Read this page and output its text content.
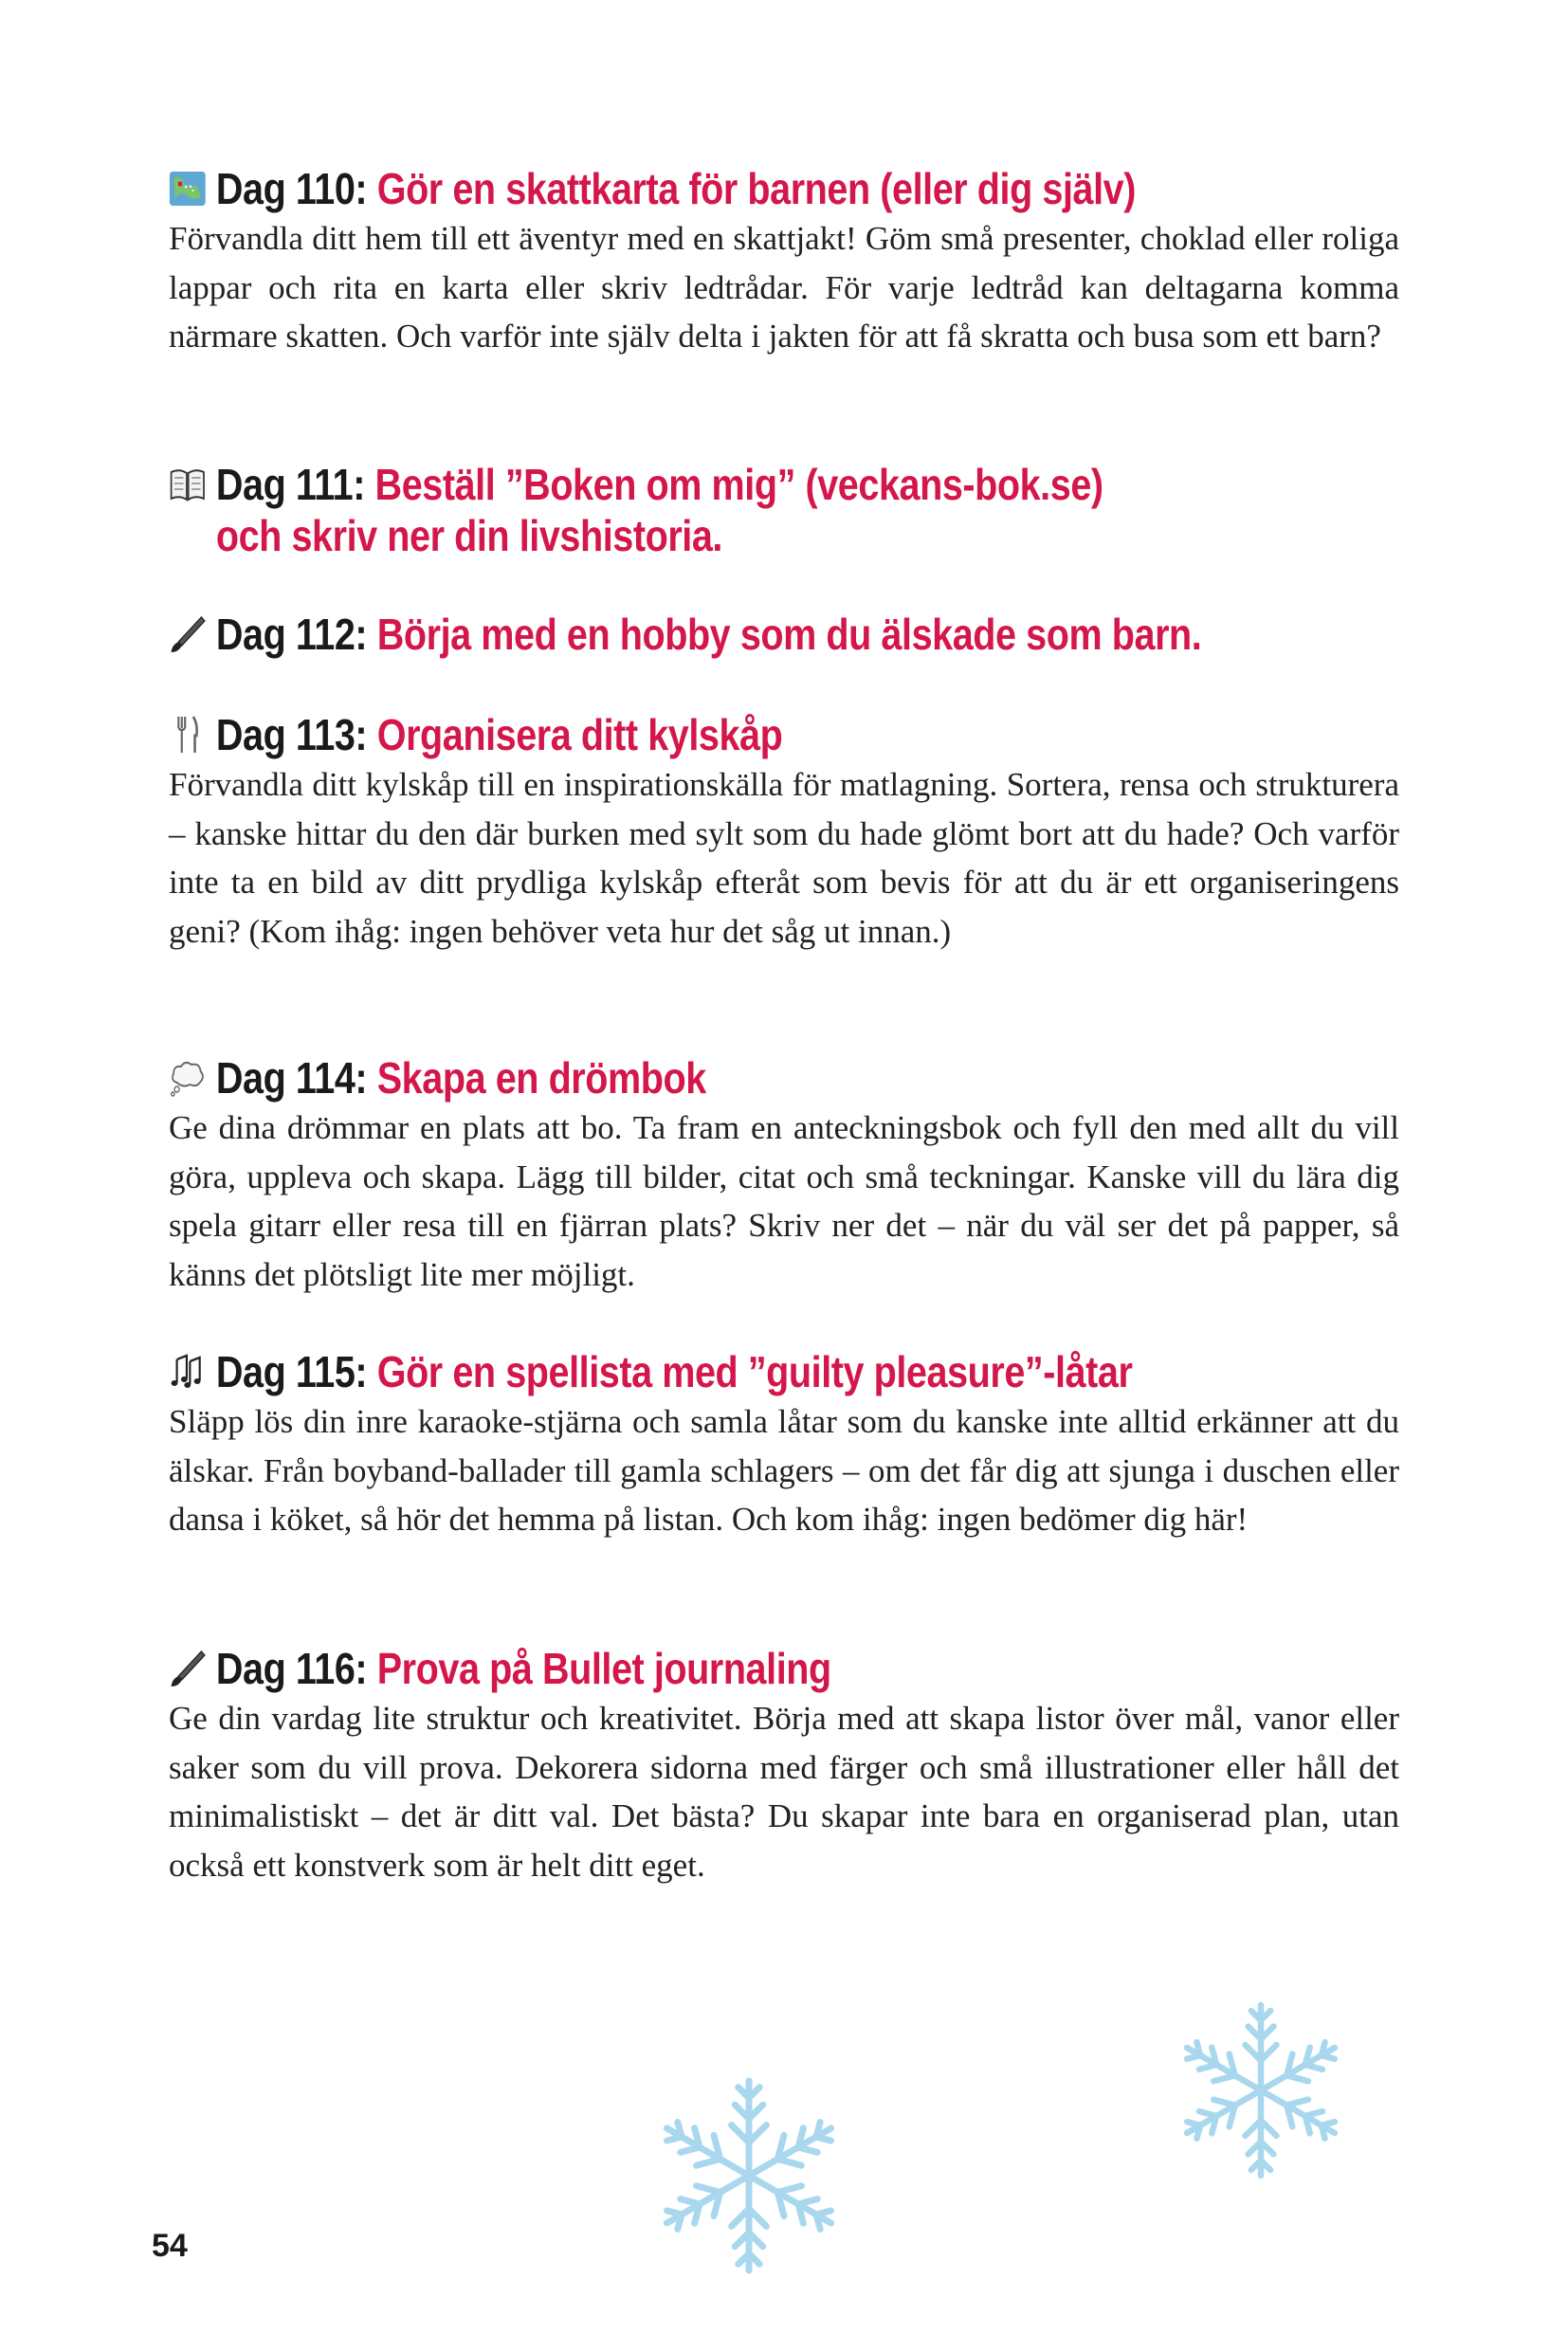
Dag 110: Gör en skattkarta för barnen (eller dig själv)
Förvandla ditt hem till ett äventyr med en skattjakt! Göm små presenter, choklad eller roliga lappar och rita en karta eller skriv ledtrådar. För varje ledtråd kan deltagarna komma närmare skatten. Och varför inte själv delta i jakten för att få skratta och busa som ett barn?
Dag 111: Beställ ”Boken om mig” (veckans-bok.se)
och skriv ner din livshistoria.
Dag 112: Börja med en hobby som du älskade som barn.
Dag 113: Organisera ditt kylskåp
Förvandla ditt kylskåp till en inspirationskälla för matlagning. Sortera, rensa och strukturera – kanske hittar du den där burken med sylt som du hade glömt bort att du hade? Och varför inte ta en bild av ditt prydliga kylskåp efteråt som bevis för att du är ett organiseringens geni? (Kom ihåg: ingen behöver veta hur det såg ut innan.)
Dag 114: Skapa en drömbok
Ge dina drömmar en plats att bo. Ta fram en anteckningsbok och fyll den med allt du vill göra, uppleva och skapa. Lägg till bilder, citat och små teckningar. Kanske vill du lära dig spela gitarr eller resa till en fjärran plats? Skriv ner det – när du väl ser det på papper, så känns det plötsligt lite mer möjligt.
Dag 115: Gör en spellista med ”guilty pleasure”-låtar
Släpp lös din inre karaoke-stjärna och samla låtar som du kanske inte alltid erkänner att du älskar. Från boyband-ballader till gamla schlagers – om det får dig att sjunga i duschen eller dansa i köket, så hör det hemma på listan. Och kom ihåg: ingen bedömer dig här!
Dag 116: Prova på Bullet journaling
Ge din vardag lite struktur och kreativitet. Börja med att skapa listor över mål, vanor eller saker som du vill prova. Dekorera sidorna med färger och små illustrationer eller håll det minimalistiskt – det är ditt val. Det bästa? Du skapar inte bara en organiserad plan, utan också ett konstverk som är helt ditt eget.
54
